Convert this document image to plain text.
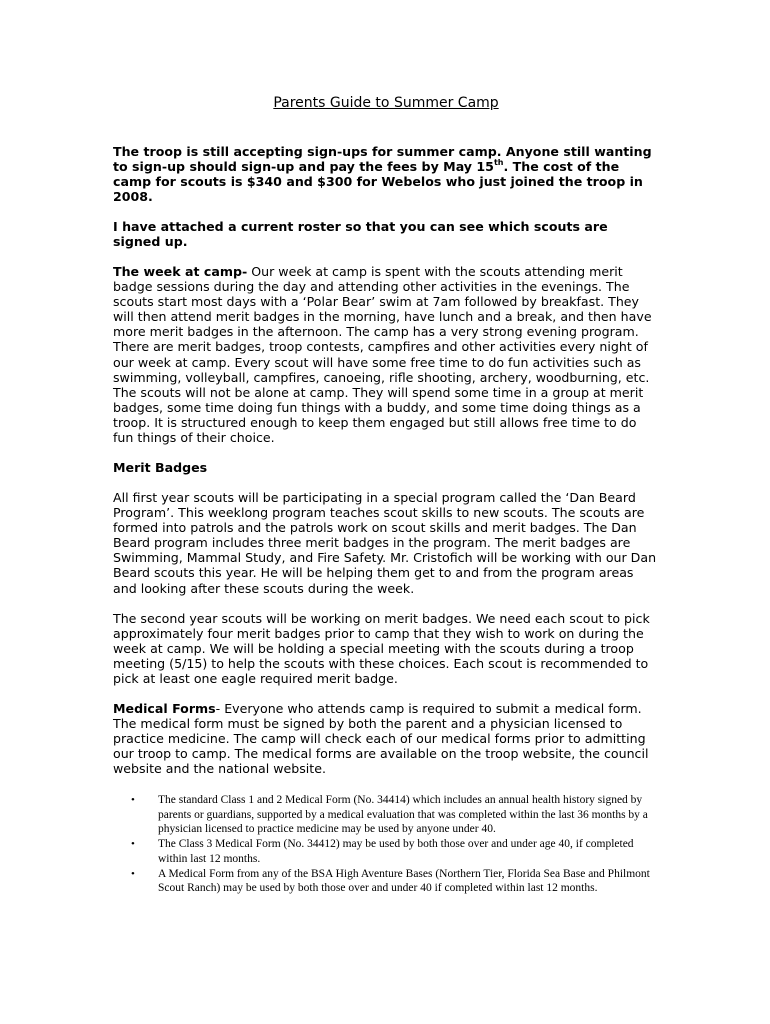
Parents Guide to Summer Camp

The troop is still accepting sign-ups for summer camp. Anyone still wanting to sign-up should sign-up and pay the fees by May 15th. The cost of the camp for scouts is $340 and $300 for Webelos who just joined the troop in 2008.

I have attached a current roster so that you can see which scouts are signed up.

The week at camp- Our week at camp is spent with the scouts attending merit badge sessions during the day and attending other activities in the evenings. The scouts start most days with a ‘Polar Bear’ swim at 7am followed by breakfast. They will then attend merit badges in the morning, have lunch and a break, and then have more merit badges in the afternoon. The camp has a very strong evening program. There are merit badges, troop contests, campfires and other activities every night of our week at camp. Every scout will have some free time to do fun activities such as swimming, volleyball, campfires, canoeing, rifle shooting, archery, woodburning, etc. The scouts will not be alone at camp. They will spend some time in a group at merit badges, some time doing fun things with a buddy, and some time doing things as a troop. It is structured enough to keep them engaged but still allows free time to do fun things of their choice.

Merit Badges

All first year scouts will be participating in a special program called the ‘Dan Beard Program’. This weeklong program teaches scout skills to new scouts. The scouts are formed into patrols and the patrols work on scout skills and merit badges. The Dan Beard program includes three merit badges in the program. The merit badges are Swimming, Mammal Study, and Fire Safety. Mr. Cristofich will be working with our Dan Beard scouts this year. He will be helping them get to and from the program areas and looking after these scouts during the week.

The second year scouts will be working on merit badges. We need each scout to pick approximately four merit badges prior to camp that they wish to work on during the week at camp. We will be holding a special meeting with the scouts during a troop meeting (5/15) to help the scouts with these choices. Each scout is recommended to pick at least one eagle required merit badge.

Medical Forms- Everyone who attends camp is required to submit a medical form. The medical form must be signed by both the parent and a physician licensed to practice medicine. The camp will check each of our medical forms prior to admitting our troop to camp. The medical forms are available on the troop website, the council website and the national website.

• The standard Class 1 and 2 Medical Form (No. 34414) which includes an annual health history signed by parents or guardians, supported by a medical evaluation that was completed within the last 36 months by a physician licensed to practice medicine may be used by anyone under 40.
• The Class 3 Medical Form (No. 34412) may be used by both those over and under age 40, if completed within last 12 months.
• A Medical Form from any of the BSA High Aventure Bases (Northern Tier, Florida Sea Base and Philmont Scout Ranch) may be used by both those over and under 40 if completed within last 12 months.
